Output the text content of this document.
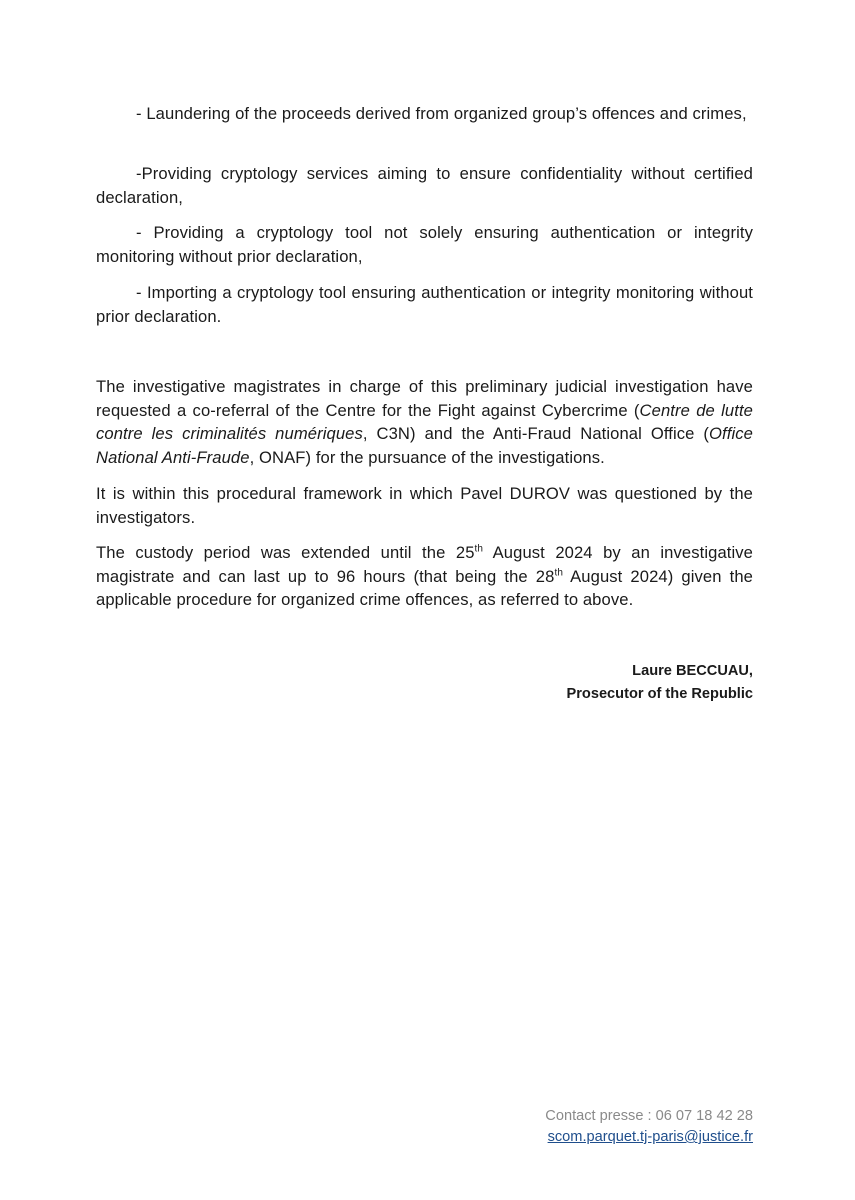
- Laundering of the proceeds derived from organized group’s offences and crimes,

-Providing cryptology services aiming to ensure confidentiality without certified declaration,

- Providing a cryptology tool not solely ensuring authentication or integrity monitoring without prior declaration,

- Importing a cryptology tool ensuring authentication or integrity monitoring without prior declaration.

The investigative magistrates in charge of this preliminary judicial investigation have requested a co-referral of the Centre for the Fight against Cybercrime (Centre de lutte contre les criminalités numériques, C3N) and the Anti-Fraud National Office (Office National Anti-Fraude, ONAF) for the pursuance of the investigations.

It is within this procedural framework in which Pavel DUROV was questioned by the investigators.

The custody period was extended until the 25th August 2024 by an investigative magistrate and can last up to 96 hours (that being the 28th August 2024) given the applicable procedure for organized crime offences, as referred to above.

Laure BECCUAU,
Prosecutor of the Republic
Contact presse : 06 07 18 42 28
scom.parquet.tj-paris@justice.fr
